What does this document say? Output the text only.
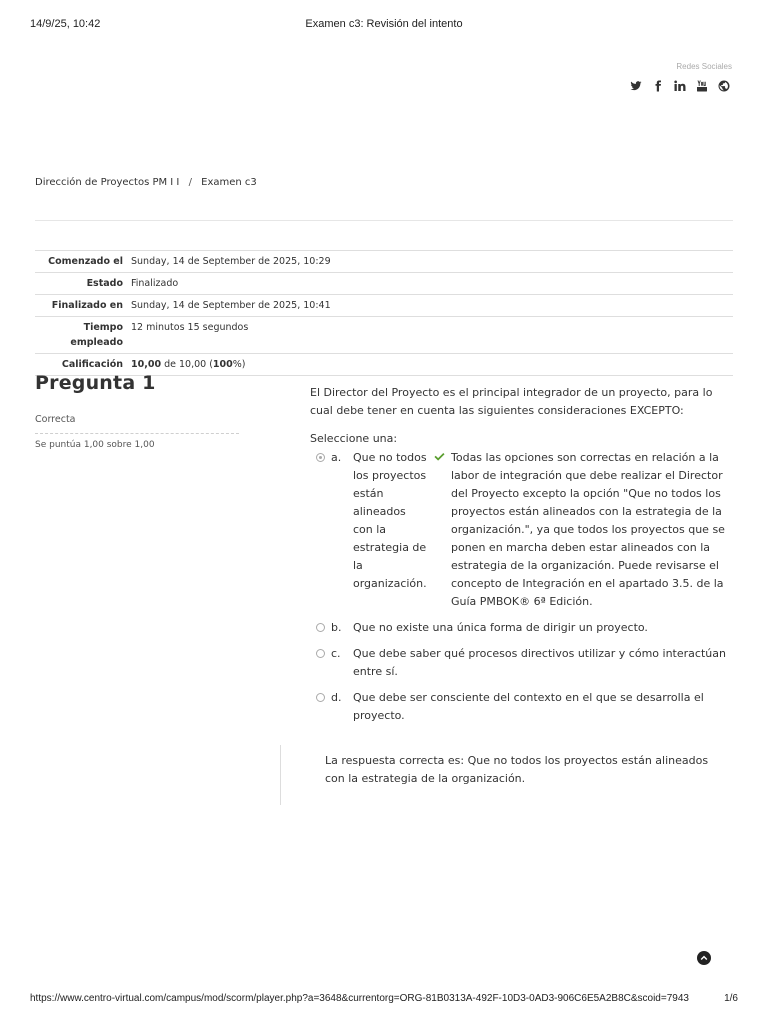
14/9/25, 10:42	Examen c3: Revisión del intento
Redes Sociales
Dirección de Proyectos PM I I / Examen c3
Comenzado el	Sunday, 14 de September de 2025, 10:29
Estado	Finalizado
Finalizado en	Sunday, 14 de September de 2025, 10:41
Tiempo empleado	12 minutos 15 segundos
Calificación	10,00 de 10,00 (100%)
Pregunta 1
Correcta
Se puntúa 1,00 sobre 1,00
El Director del Proyecto es el principal integrador de un proyecto, para lo cual debe tener en cuenta las siguientes consideraciones EXCEPTO:
Seleccione una:
a.	Que no todos los proyectos están alineados con la estrategia de la organización.
Todas las opciones son correctas en relación a la labor de integración que debe realizar el Director del Proyecto excepto la opción "Que no todos los proyectos están alineados con la estrategia de la organización.", ya que todos los proyectos que se ponen en marcha deben estar alineados con la estrategia de la organización. Puede revisarse el concepto de Integración en el apartado 3.5. de la Guía PMBOK® 6ª Edición.
b.	Que no existe una única forma de dirigir un proyecto.
c.	Que debe saber qué procesos directivos utilizar y cómo interactúan entre sí.
d.	Que debe ser consciente del contexto en el que se desarrolla el proyecto.
La respuesta correcta es: Que no todos los proyectos están alineados con la estrategia de la organización.
https://www.centro-virtual.com/campus/mod/scorm/player.php?a=3648&currentorg=ORG-81B0313A-492F-10D3-0AD3-906C6E5A2B8C&scoid=7943	1/6
